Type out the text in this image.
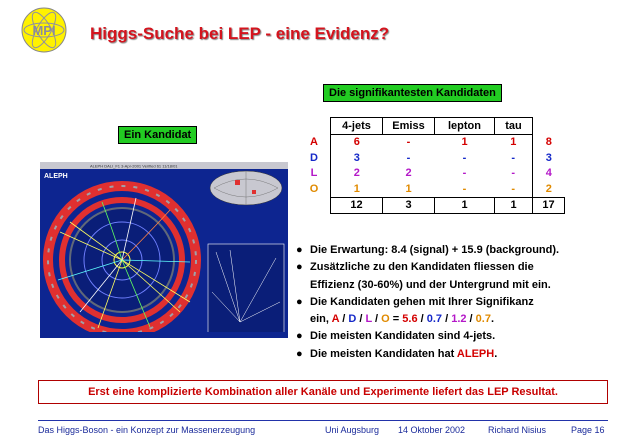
MPI Higgs-Suche bei LEP - eine Evidenz?
Die signifikantesten Kandidaten
Ein Kandidat
ALEPH DALI_F1 3-Apr-2001 Verified 61 11/18/01
ALEPH
	4-jets	Emiss	lepton	tau	
A	6	-	1	1	8
D	3	-	-	-	3
L	2	2	-	-	4
O	1	1	-	-	2
	12	3	1	1	17
● Die Erwartung: 8.4 (signal) + 15.9 (background).
● Zusätzliche zu den Kandidaten fliessen die
Effizienz (30-60%) und der Untergrund mit ein.
● Die Kandidaten gehen mit Ihrer Signifikanz
ein, A / D / L / O = 5.6 / 0.7 / 1.2 / 0.7.
● Die meisten Kandidaten sind 4-jets.
● Die meisten Kandidaten hat ALEPH.
Erst eine komplizierte Kombination aller Kanäle und Experimente liefert das LEP Resultat.
Das Higgs-Boson - ein Konzept zur Massenerzeugung	Uni Augsburg 14 Oktober 2002	Richard Nisius	Page 16
